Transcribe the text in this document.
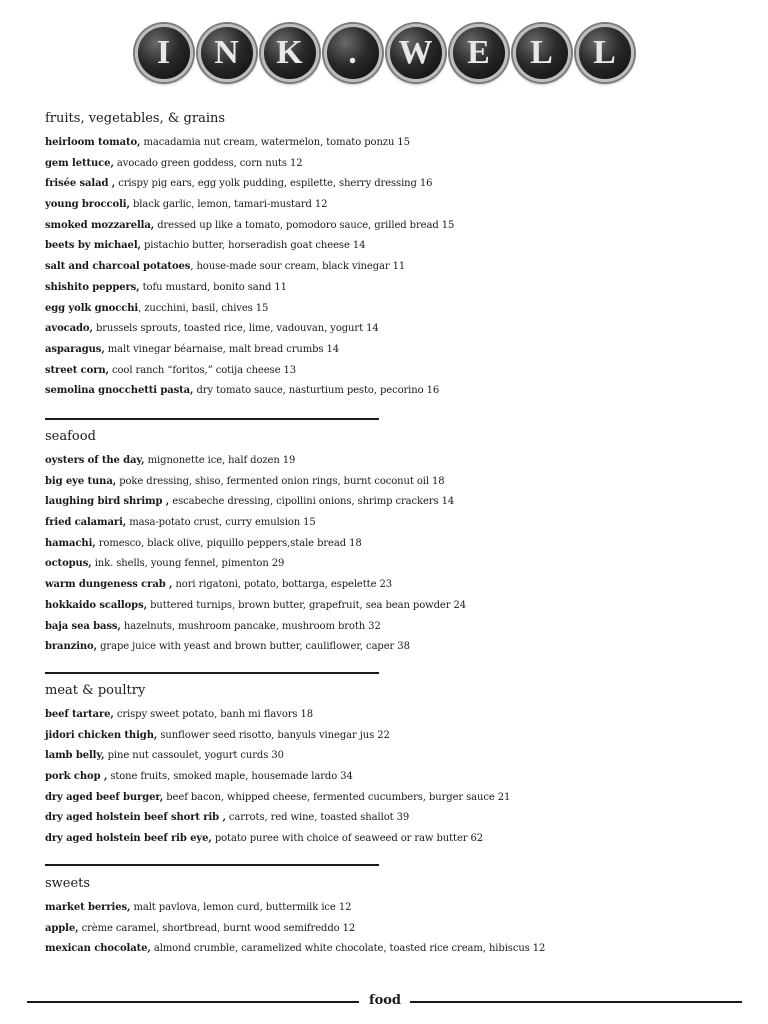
I	N	K	.	W	E	L	L
fruits, vegetables, & grains
heirloom tomato, macadamia nut cream, watermelon, tomato ponzu 15
gem lettuce, avocado green goddess, corn nuts 12
frisée salad , crispy pig ears, egg yolk pudding, espilette, sherry dressing 16
young broccoli, black garlic, lemon, tamari-mustard 12
smoked mozzarella, dressed up like a tomato, pomodoro sauce, grilled bread 15
beets by michael, pistachio butter, horseradish goat cheese 14
salt and charcoal potatoes, house-made sour cream, black vinegar 11
shishito peppers, tofu mustard, bonito sand 11
egg yolk gnocchi, zucchini, basil, chives 15
avocado, brussels sprouts, toasted rice, lime, vadouvan, yogurt 14
asparagus, malt vinegar béarnaise, malt bread crumbs 14
street corn, cool ranch “foritos,” cotija cheese 13
semolina gnocchetti pasta, dry tomato sauce, nasturtium pesto, pecorino 16
seafood
oysters of the day, mignonette ice, half dozen 19
big eye tuna, poke dressing, shiso, fermented onion rings, burnt coconut oil 18
laughing bird shrimp , escabeche dressing, cipollini onions, shrimp crackers 14
fried calamari, masa-potato crust, curry emulsion 15
hamachi, romesco, black olive, piquillo peppers,stale bread 18
octopus, ink. shells, young fennel, pimenton 29
warm dungeness crab , nori rigatoni, potato, bottarga, espelette 23
hokkaido scallops, buttered turnips, brown butter, grapefruit, sea bean powder 24
baja sea bass, hazelnuts, mushroom pancake, mushroom broth 32
branzino, grape juice with yeast and brown butter, cauliflower, caper 38
meat & poultry
beef tartare, crispy sweet potato, banh mi flavors 18
jidori chicken thigh, sunflower seed risotto, banyuls vinegar jus 22
lamb belly, pine nut cassoulet, yogurt curds 30
pork chop , stone fruits, smoked maple, housemade lardo 34
dry aged beef burger, beef bacon, whipped cheese, fermented cucumbers, burger sauce 21
dry aged holstein beef short rib , carrots, red wine, toasted shallot 39
dry aged holstein beef rib eye, potato puree with choice of seaweed or raw butter 62
sweets
market berries, malt pavlova, lemon curd, buttermilk ice 12
apple, crème caramel, shortbread, burnt wood semifreddo 12
mexican chocolate, almond crumble, caramelized white chocolate, toasted rice cream, hibiscus 12
food
